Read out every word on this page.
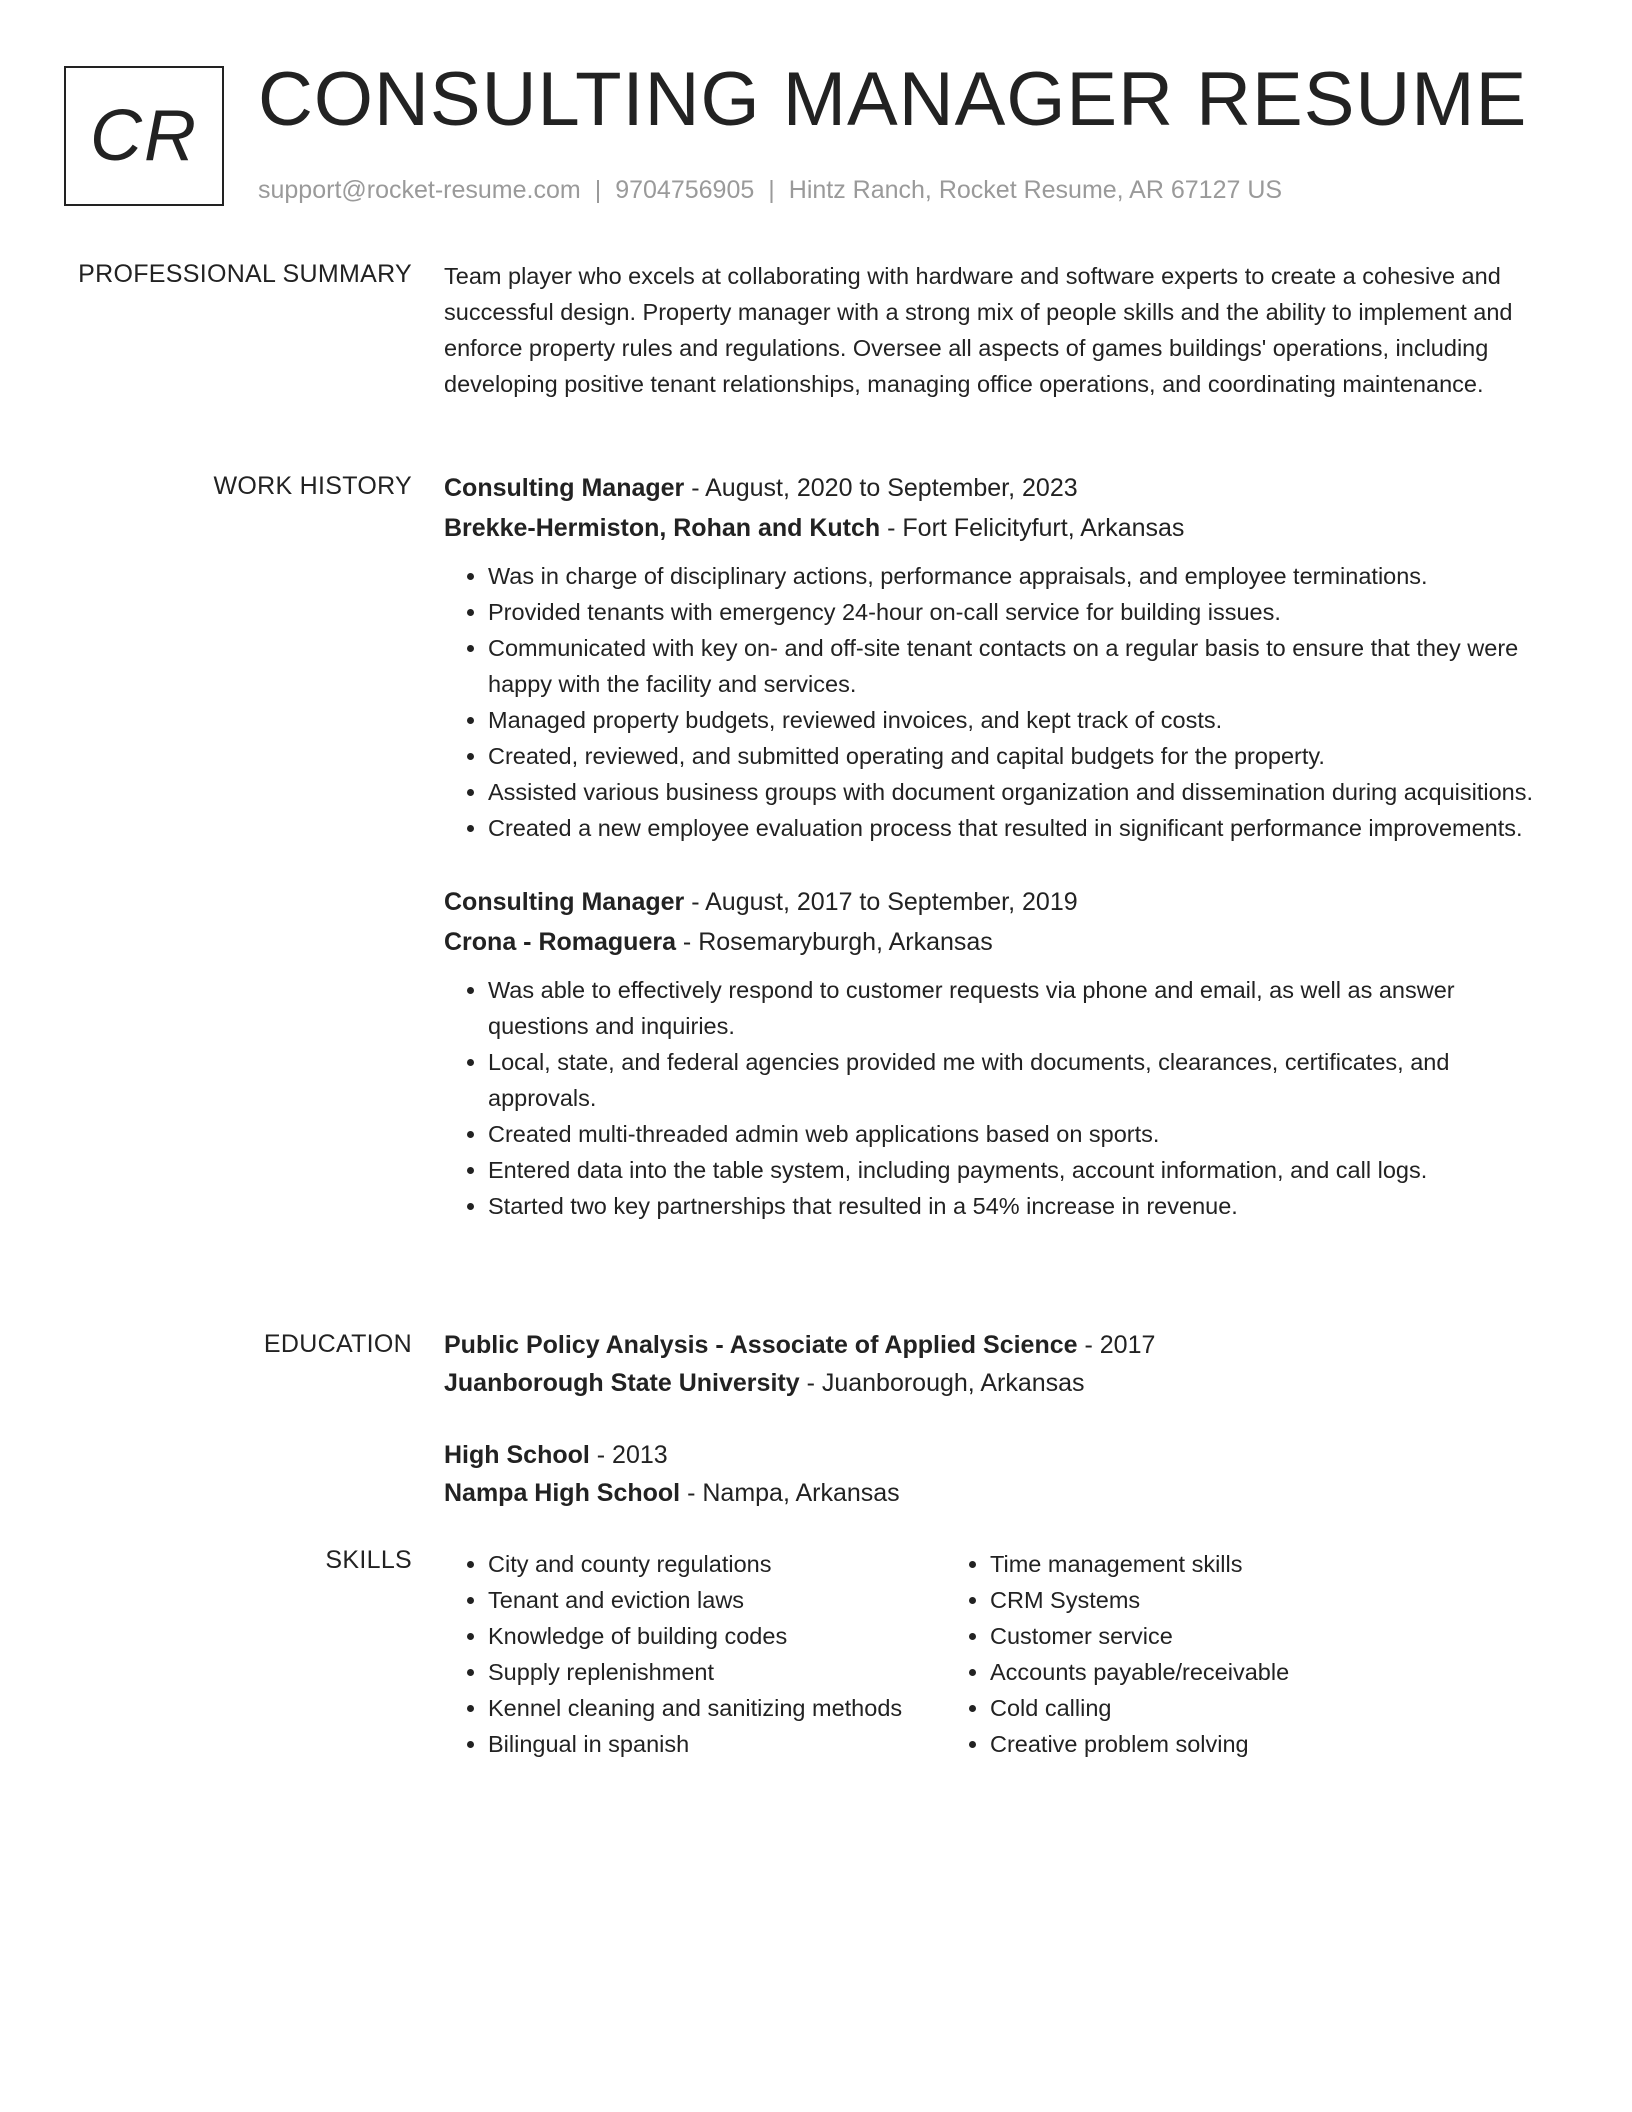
CR CONSULTING MANAGER RESUME
support@rocket-resume.com | 9704756905 | Hintz Ranch, Rocket Resume, AR 67127 US
PROFESSIONAL SUMMARY Team player who excels at collaborating with hardware and software experts to create a cohesive and successful design. Property manager with a strong mix of people skills and the ability to implement and enforce property rules and regulations. Oversee all aspects of games buildings' operations, including developing positive tenant relationships, managing office operations, and coordinating maintenance.

WORK HISTORY Consulting Manager - August, 2020 to September, 2023
Brekke-Hermiston, Rohan and Kutch - Fort Felicityfurt, Arkansas
• Was in charge of disciplinary actions, performance appraisals, and employee terminations.
• Provided tenants with emergency 24-hour on-call service for building issues.
• Communicated with key on- and off-site tenant contacts on a regular basis to ensure that they were happy with the facility and services.
• Managed property budgets, reviewed invoices, and kept track of costs.
• Created, reviewed, and submitted operating and capital budgets for the property.
• Assisted various business groups with document organization and dissemination during acquisitions.
• Created a new employee evaluation process that resulted in significant performance improvements.
Consulting Manager - August, 2017 to September, 2019
Crona - Romaguera - Rosemaryburgh, Arkansas
• Was able to effectively respond to customer requests via phone and email, as well as answer questions and inquiries.
• Local, state, and federal agencies provided me with documents, clearances, certificates, and approvals.
• Created multi-threaded admin web applications based on sports.
• Entered data into the table system, including payments, account information, and call logs.
• Started two key partnerships that resulted in a 54% increase in revenue.
EDUCATION Public Policy Analysis - Associate of Applied Science - 2017
Juanborough State University - Juanborough, Arkansas
High School - 2013
Nampa High School - Nampa, Arkansas
SKILLS
•	City and county regulations
• Tenant and eviction laws
• Knowledge of building codes
• Supply replenishment
• Kennel cleaning and sanitizing methods
• Bilingual in spanish
• Time management skills
• CRM Systems
• Customer service
• Accounts payable/receivable
• Cold calling
• Creative problem solving
